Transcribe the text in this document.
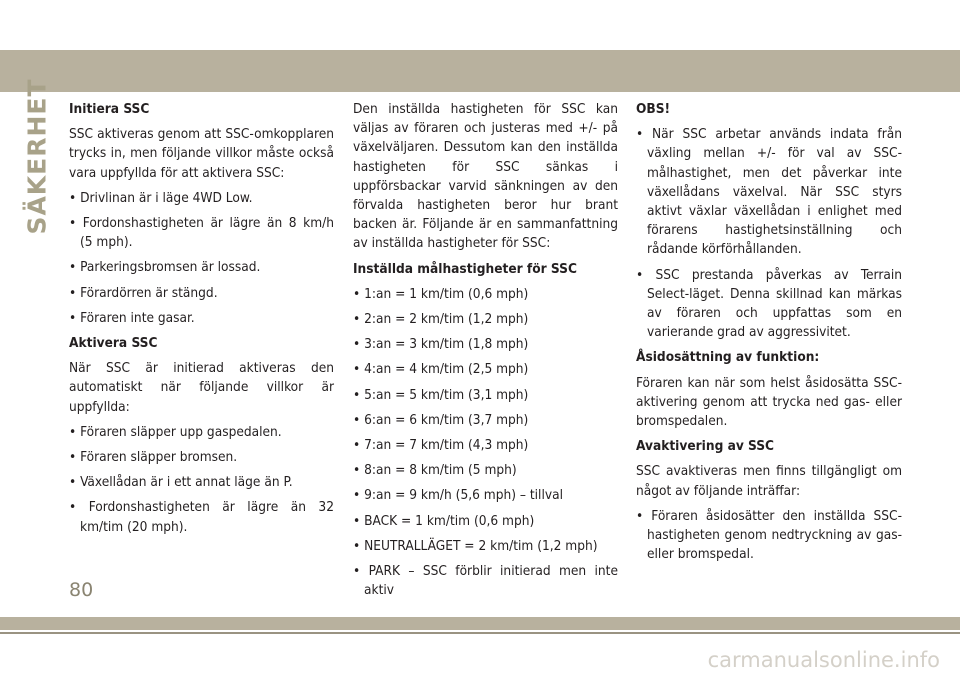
SÄKERHET Initiera SSC

SSC aktiveras genom att SSC-omkopplaren trycks in, men följande villkor måste också vara uppfyllda för att aktivera SSC:

• Drivlinan är i läge 4WD Low.

• Fordonshastigheten är lägre än 8 km/h (5 mph).

• Parkeringsbromsen är lossad.

• Förardörren är stängd.

• Föraren inte gasar.

Aktivera SSC

När SSC är initierad aktiveras den automatiskt när följande villkor är uppfyllda:

• Föraren släpper upp gaspedalen.

• Föraren släpper bromsen.

• Växellådan är i ett annat läge än P.

• Fordonshastigheten är lägre än 32 km/tim (20 mph).

Den inställda hastigheten för SSC kan väljas av föraren och justeras med +/- på växelväljaren. Dessutom kan den inställda hastigheten för SSC sänkas i uppförsbackar varvid sänkningen av den förvalda hastigheten beror hur brant backen är. Följande är en sammanfattning av inställda hastigheter för SSC:

Inställda målhastigheter för SSC

• 1:an = 1 km/tim (0,6 mph)

• 2:an = 2 km/tim (1,2 mph)

• 3:an = 3 km/tim (1,8 mph)

• 4:an = 4 km/tim (2,5 mph)

• 5:an = 5 km/tim (3,1 mph)

• 6:an = 6 km/tim (3,7 mph)

• 7:an = 7 km/tim (4,3 mph)

• 8:an = 8 km/tim (5 mph)

• 9:an = 9 km/h (5,6 mph) – tillval

• BACK = 1 km/tim (0,6 mph)

• NEUTRALLÄGET = 2 km/tim (1,2 mph)

• PARK – SSC förblir initierad men inte aktiv

OBS!

• När SSC arbetar används indata från växling mellan +/- för val av SSC-målhastighet, men det påverkar inte växellådans växelval. När SSC styrs aktivt växlar växellådan i enlighet med förarens hastighetsinställning och rådande körförhållanden.

• SSC prestanda påverkas av Terrain Select-läget. Denna skillnad kan märkas av föraren och uppfattas som en varierande grad av aggressivitet.

Åsidosättning av funktion:

Föraren kan när som helst åsidosätta SSC-aktivering genom att trycka ned gas- eller bromspedalen.

Avaktivering av SSC

SSC avaktiveras men finns tillgängligt om något av följande inträffar:

• Föraren åsidosätter den inställda SSC-hastigheten genom nedtryckning av gas- eller bromspedal.

80
carmanualsonline.info
